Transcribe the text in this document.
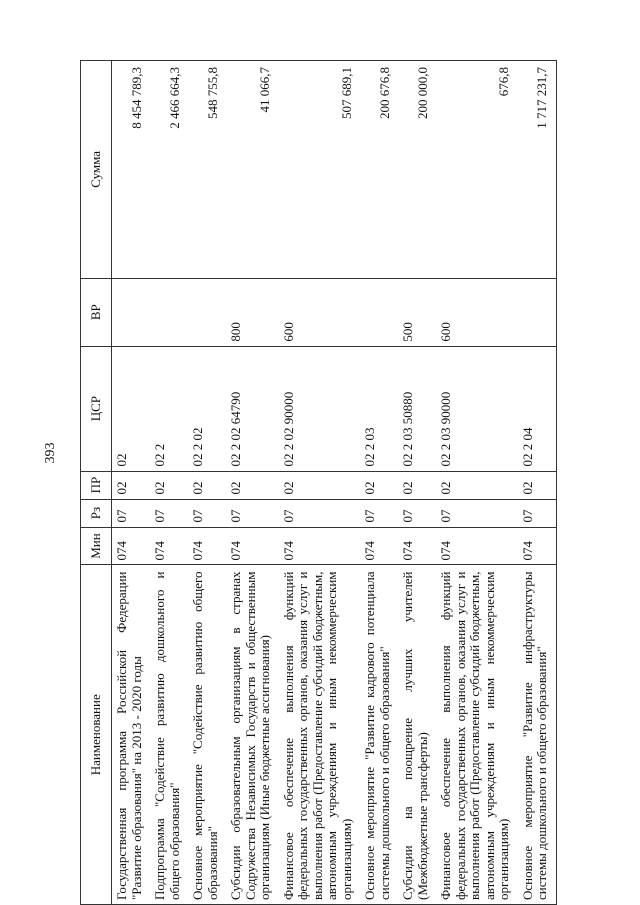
393
Наименование	Мин	Рз	ПР	ЦСР	ВР	Сумма
Государственная программа Российской Федерации "Развитие образования" на 2013 - 2020 годы	074	07	02	02		8 454 789,3
Подпрограмма "Содействие развитию дошкольного и общего образования"	074	07	02	02 2		2 466 664,3
Основное мероприятие "Содействие развитию общего образования"	074	07	02	02 2 02		548 755,8
Субсидии образовательным организациям в странах Содружества Независимых Государств и общественным организациям (Иные бюджетные ассигнования)	074	07	02	02 2 02 64790	800	41 066,7
Финансовое обеспечение выполнения функций федеральных государственных органов, оказания услуг и выполнения работ (Предоставление субсидий бюджетным, автономным учреждениям и иным некоммерческим организациям)	074	07	02	02 2 02 90000	600	507 689,1
Основное мероприятие "Развитие кадрового потенциала системы дошкольного и общего образования"	074	07	02	02 2 03		200 676,8
Субсидии на поощрение лучших учителей (Межбюджетные трансферты)	074	07	02	02 2 03 50880	500	200 000,0
Финансовое обеспечение выполнения функций федеральных государственных органов, оказания услуг и выполнения работ (Предоставление субсидий бюджетным, автономным учреждениям и иным некоммерческим организациям)	074	07	02	02 2 03 90000	600	676,8
Основное мероприятие "Развитие инфраструктуры системы дошкольного и общего образования"	074	07	02	02 2 04		1 717 231,7
